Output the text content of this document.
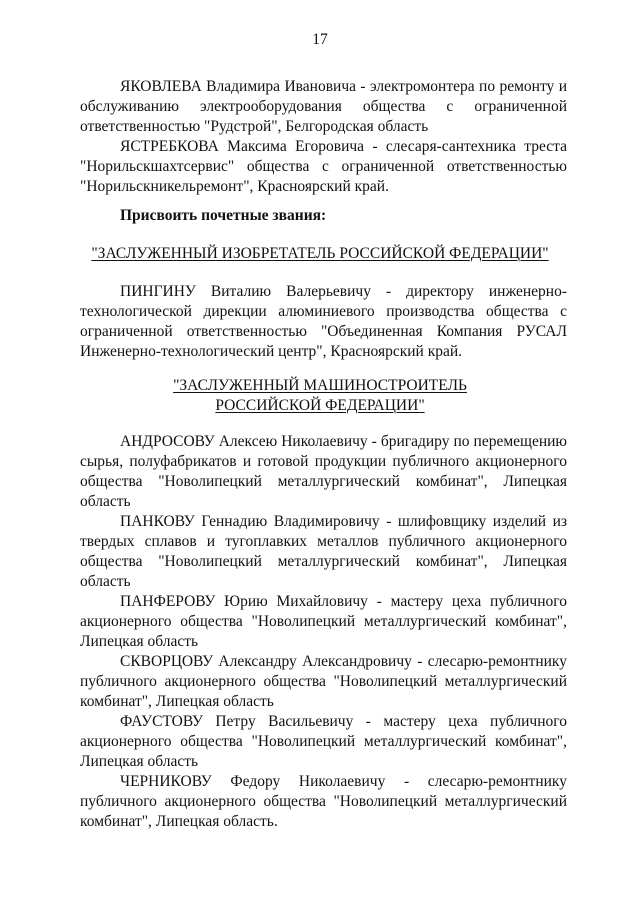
17

ЯКОВЛЕВА Владимира Ивановича - электромонтера по ремонту и обслуживанию электрооборудования общества с ограниченной ответственностью "Рудстрой", Белгородская область

ЯСТРЕБКОВА Максима Егоровича - слесаря-сантехника треста "Норильскшахтсервис" общества с ограниченной ответственностью "Норильскникельремонт", Красноярский край.

Присвоить почетные звания:
"ЗАСЛУЖЕННЫЙ ИЗОБРЕТАТЕЛЬ РОССИЙСКОЙ ФЕДЕРАЦИИ"

ПИНГИНУ Виталию Валерьевичу - директору инженерно-технологической дирекции алюминиевого производства общества с ограниченной ответственностью "Объединенная Компания РУСАЛ Инженерно-технологический центр", Красноярский край.

"ЗАСЛУЖЕННЫЙ МАШИНОСТРОИТЕЛЬ
РОССИЙСКОЙ ФЕДЕРАЦИИ"

АНДРОСОВУ Алексею Николаевичу - бригадиру по перемещению сырья, полуфабрикатов и готовой продукции публичного акционерного общества "Новолипецкий металлургический комбинат", Липецкая область

ПАНКОВУ Геннадию Владимировичу - шлифовщику изделий из твердых сплавов и тугоплавких металлов публичного акционерного общества "Новолипецкий металлургический комбинат", Липецкая область

ПАНФЕРОВУ Юрию Михайловичу - мастеру цеха публичного акционерного общества "Новолипецкий металлургический комбинат", Липецкая область

СКВОРЦОВУ Александру Александровичу - слесарю-ремонтнику публичного акционерного общества "Новолипецкий металлургический комбинат", Липецкая область

ФАУСТОВУ Петру Васильевичу - мастеру цеха публичного акционерного общества "Новолипецкий металлургический комбинат", Липецкая область

ЧЕРНИКОВУ Федору Николаевичу - слесарю-ремонтнику публичного акционерного общества "Новолипецкий металлургический комбинат", Липецкая область.
